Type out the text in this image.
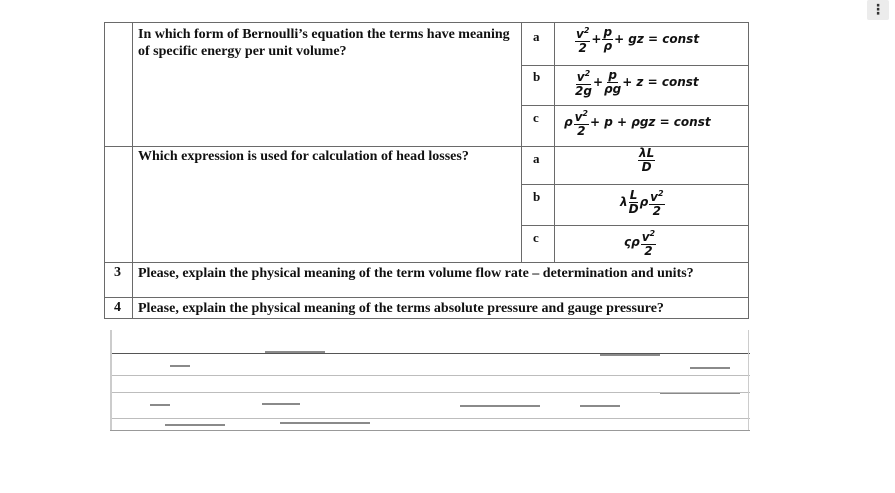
⋮
In which form of Bernoulli’s equation the terms have meaning of specific energy per unit volume?
a
b
c
$\frac{v^2}{2} + \frac{p}{\rho}$ + gz = const
$\frac{v^2}{2g} + \frac{p}{\rho g} + z$ = const
ρ $\frac{v^2}{2} + p + \rho gz$ = const
Which expression is used for calculation of head losses?	a
b
c
$\frac{\lambda L}{D}$
λ $\frac{L}{D}$ ρ $\frac{v^2}{2}$
ςρ $\frac{v^2}{2}$
3 Please, explain the physical meaning of the term volume flow rate – determination and units?
4 Please, explain the physical meaning of the terms absolute pressure and gauge pressure?
